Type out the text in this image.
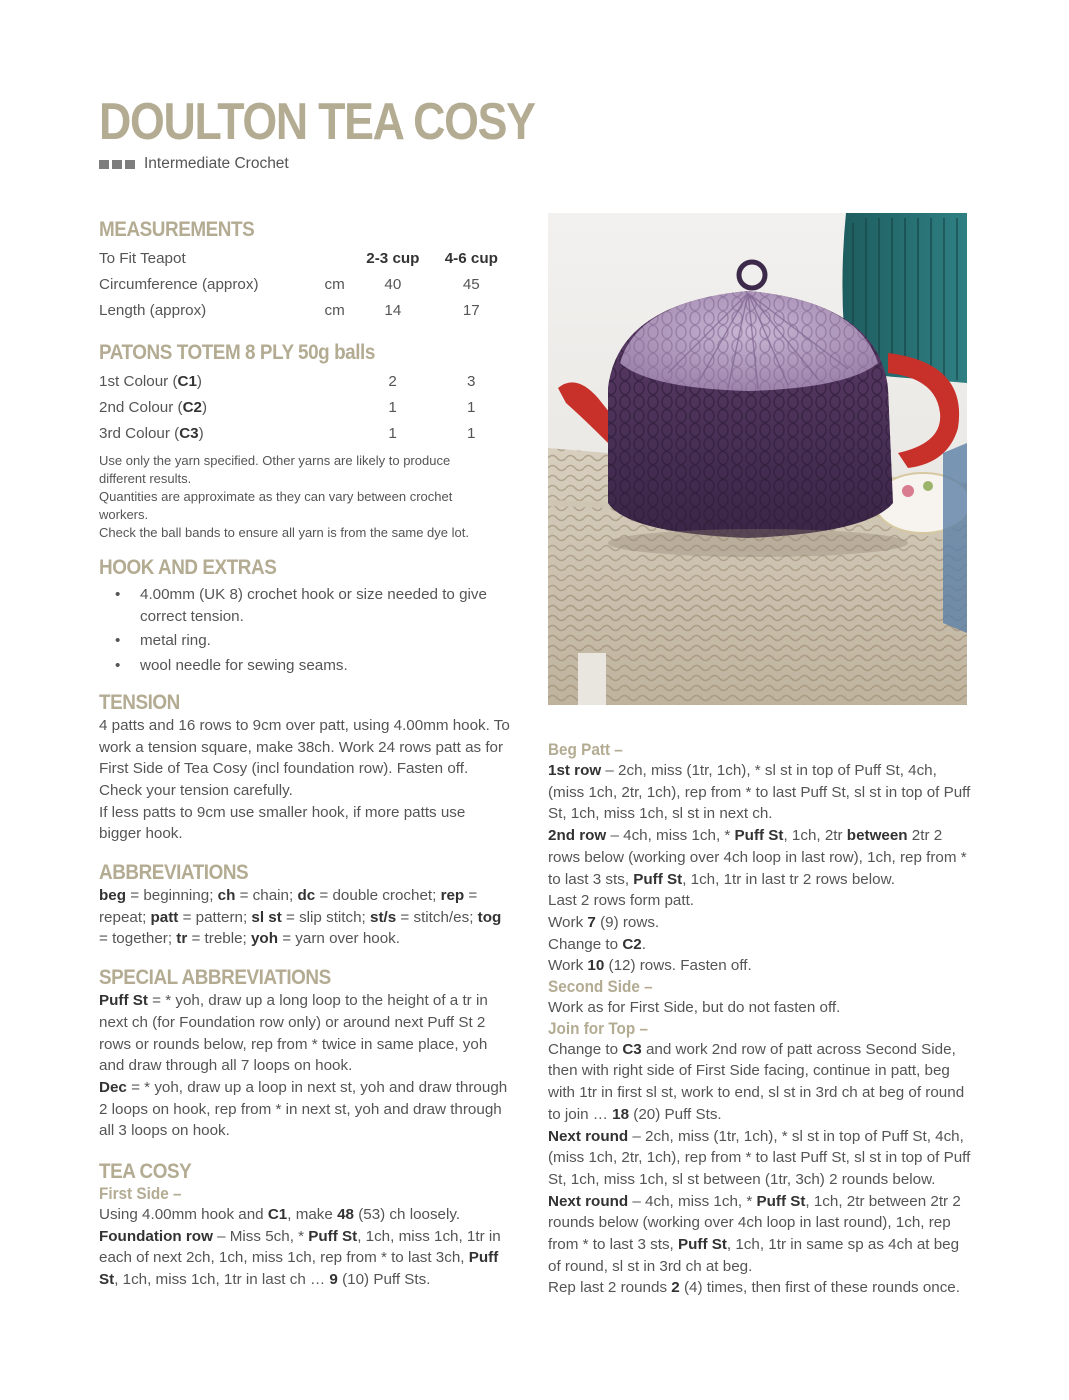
DOULTON TEA COSY
Intermediate Crochet
MEASUREMENTS
To Fit Teapot		2-3 cup	4-6 cup
Circumference (approx)	cm	40	45
Length (approx)	cm	14	17
PATONS TOTEM 8 PLY 50g balls
1st Colour (C1)		2	3
2nd Colour (C2)		1	1
3rd Colour (C3)		1	1

Use only the yarn specified. Other yarns are likely to produce different results.

Quantities are approximate as they can vary between crochet workers.

Check the ball bands to ensure all yarn is from the same dye lot.

HOOK AND EXTRAS
• 4.00mm (UK 8) crochet hook or size needed to give correct tension.
• metal ring.
• wool needle for sewing seams.
TENSION

4 patts and 16 rows to 9cm over patt, using 4.00mm hook. To work a tension square, make 38ch. Work 24 rows patt as for First Side of Tea Cosy (incl foundation row). Fasten off.

Check your tension carefully.

If less patts to 9cm use smaller hook, if more patts use bigger hook.

ABBREVIATIONS

beg = beginning; ch = chain; dc = double crochet; rep = repeat; patt = pattern; sl st = slip stitch; st/s = stitch/es; tog = together; tr = treble; yoh = yarn over hook.

SPECIAL ABBREVIATIONS

Puff St = * yoh, draw up a long loop to the height of a tr in next ch (for Foundation row only) or around next Puff St 2 rows or rounds below, rep from * twice in same place, yoh and draw through all 7 loops on hook.

Dec = * yoh, draw up a loop in next st, yoh and draw through 2 loops on hook, rep from * in next st, yoh and draw through all 3 loops on hook.

TEA COSY
First Side –

Using 4.00mm hook and C1, make 48 (53) ch loosely.

Foundation row – Miss 5ch, * Puff St, 1ch, miss 1ch, 1tr in each of next 2ch, 1ch, miss 1ch, rep from * to last 3ch, Puff St, 1ch, miss 1ch, 1tr in last ch … 9 (10) Puff Sts.

Beg Patt –

1st row – 2ch, miss (1tr, 1ch), * sl st in top of Puff St, 4ch, (miss 1ch, 2tr, 1ch), rep from * to last Puff St, sl st in top of Puff St, 1ch, miss 1ch, sl st in next ch.

2nd row – 4ch, miss 1ch, * Puff St, 1ch, 2tr between 2tr 2 rows below (working over 4ch loop in last row), 1ch, rep from * to last 3 sts, Puff St, 1ch, 1tr in last tr 2 rows below.

Last 2 rows form patt.

Work 7 (9) rows.

Change to C2.

Work 10 (12) rows. Fasten off.

Second Side –

Work as for First Side, but do not fasten off.

Join for Top –

Change to C3 and work 2nd row of patt across Second Side, then with right side of First Side facing, continue in patt, beg with 1tr in first sl st, work to end, sl st in 3rd ch at beg of round to join … 18 (20) Puff Sts.

Next round – 2ch, miss (1tr, 1ch), * sl st in top of Puff St, 4ch, (miss 1ch, 2tr, 1ch), rep from * to last Puff St, sl st in top of Puff St, 1ch, miss 1ch, sl st between (1tr, 3ch) 2 rounds below.

Next round – 4ch, miss 1ch, * Puff St, 1ch, 2tr between 2tr 2 rounds below (working over 4ch loop in last round), 1ch, rep from * to last 3 sts, Puff St, 1ch, 1tr in same sp as 4ch at beg of round, sl st in 3rd ch at beg.

Rep last 2 rounds 2 (4) times, then first of these rounds once.
